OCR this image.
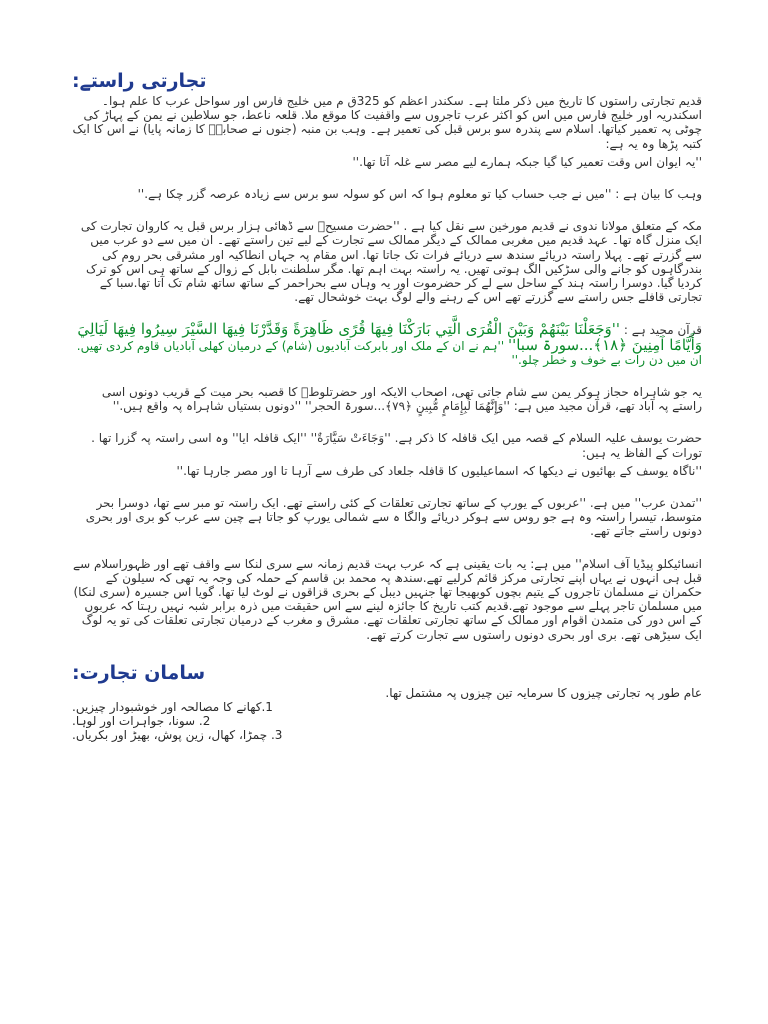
تجارتی راستے:

قدیم تجارتی راستوں کا تاریخ میں ذکر ملتا ہے۔ سکندر اعظم کو 325ق م میں خلیج فارس اور سواحل عرب کا علم ہوا۔اسکندریہ اور خلیج فارس میں اس کو اکثر عرب تاجروں سے واقفیت کا موقع ملا. قلعہ ناعط، جو سلاطین نے یمن کے پہاڑ کی چوٹی پہ تعمیر کیاتھا. اسلام سے پندرہ سو برس قبل کی تعمیر ہے۔ وہب بن منبہ (جنوں نے صحابہؓ کا زمانہ پایا) نے اس کا ایک کتبہ پڑھا وہ یہ ہے:

''یہ ایوان اس وقت تعمیر کیا گیا جبکہ ہمارے لیے مصر سے غلہ آتا تھا.''

وہب کا بیان ہے : ''میں نے جب حساب کیا تو معلوم ہوا کہ اس کو سولہ سو برس سے زیادہ عرصہ گزر چکا ہے.''

مکہ کے متعلق مولانا ندوی نے قدیم مورخین سے نقل کیا ہے . ''حضرت مسیحؑ سے ڈھائی ہزار برس قبل یہ کاروان تجارت کی ایک منزل گاہ تھا۔ عہد قدیم میں مغربی ممالک کے دیگر ممالک سے تجارت کے لیے تین راستے تھے۔ ان میں سے دو عرب میں سے گزرتے تھے۔ پہلا راستہ دریائے سندھ سے دریائے فرات تک جاتا تھا. اس مقام پہ جہاں انطاکیہ اور مشرقی بحر روم کی بندرگاہوں کو جانے والی سڑکیں الگ ہوتی تھیں. یہ راستہ بہت اہم تھا. مگر سلطنت بابل کے زوال کے ساتھ ہی اس کو ترک کردیا گیا. دوسرا راستہ ہند کے ساحل سے لے کر حضرموت اور یہ وہاں سے بحراحمر کے ساتھ ساتھ شام تک آتا تھا.سبا کے تجارتی قافلے جس راستے سے گزرتے تھے اس کے رہنے والے لوگ بہت خوشحال تھے.

قرآن مجید ہے : ''وَجَعَلْنَا بَيْنَهُمْ وَبَيْنَ الْقُرَى الَّتِي بَارَكْنَا فِيهَا قُرًى ظَاهِرَةً وَقَدَّرْنَا فِيهَا السَّيْرَ سِيرُوا فِيهَا لَيَالِيَ وَأَيَّامًا آمِنِينَ ﴿١٨﴾...سورۃ سبا'' ''ہم نے ان کے ملک اور بابرکت آبادیوں (شام) کے درمیان کھلی آبادیاں قاوم کردی تھیں. ان میں دن رات بے خوف و خطر چلو.''

یہ جو شاہراہ حجاز ہوکر یمن سے شام جاتی تھی، اصحاب الایکہ اور حضرتلوطؑ کا قصبہ بحر میت کے قریب دونوں اسی راستے پہ آباد تھے، قرآن مجید میں ہے: ''وَإِنَّهُمَا لَبِإِمَامٍ مُّبِينٍ ﴿٧٩﴾...سورۃ الحجر'' ''دونوں بستیاں شاہراہ پہ واقع ہیں.''

حضرت یوسف علیہ السلام کے قصہ میں ایک قافلہ کا ذکر ہے. ''وَجَاءَتْ سَيَّارَةٌ'' ''ایک قافلہ ایا'' وہ اسی راستہ پہ گزرا تھا . تورات کے الفاظ یہ ہیں:

''ناگاہ یوسف کے بھائیوں نے دیکھا کہ اسماعیلیوں کا قافلہ جلعاد کی طرف سے آرہا تا اور مصر جارہا تھا.''

''تمدن عرب'' میں ہے. ''عربوں کے یورپ کے ساتھ تجارتی تعلقات کے کئی راستے تھے. ایک راستہ تو مبر سے تھا، دوسرا بحر متوسط، تیسرا راستہ وہ ہے جو روس سے ہوکر دریائے والگا ہ سے شمالی یورپ کو جاتا ہے چین سے عرب کو بری اور بحری دونوں راستے جاتے تھے.

انسائیکلو پیڈیا آف اسلام'' میں ہے: یہ بات یقینی ہے کہ عرب بہت قدیم زمانہ سے سری لنکا سے واقف تھے اور ظہوراسلام سے قبل ہی انہوں نے یہاں اپنے تجارتی مرکز قائم کرلیے تھے.سندھ پہ محمد بن قاسم کے حملہ کی وجہ یہ تھی کہ سیلون کے حکمران نے مسلمان تاجروں کے یتیم بچوں کوبھیجا تھا جنہیں دیبل کے بحری قزاقوں نے لوٹ لیا تھا. گویا اس جسیرہ (سری لنکا) میں مسلمان تاجر پہلے سے موجود تھے.قدیم کتب تاریخ کا جائزہ لینے سے اس حقیقت میں ذرہ برابر شبہ نہیں رہتا کہ عربوں کے اس دور کی متمدن اقوام اور ممالک کے ساتھ تجارتی تعلقات تھے. مشرق و مغرب کے درمیان تجارتی تعلقات کی تو یہ لوگ ایک سیڑھی تھے. بری اور بحری دونوں راستوں سے تجارت کرتے تھے.

سامان تجارت:

عام طور پہ تجارتی چیزوں کا سرمایہ تین چیزوں پہ مشتمل تھا.

1.کھانے کا مصالحہ اور خوشبودار چیزیں.
2. سونا، جواہرات اور لوہا.
3. چمڑا، کھال، زین پوش، بھیڑ اور بکریاں.
